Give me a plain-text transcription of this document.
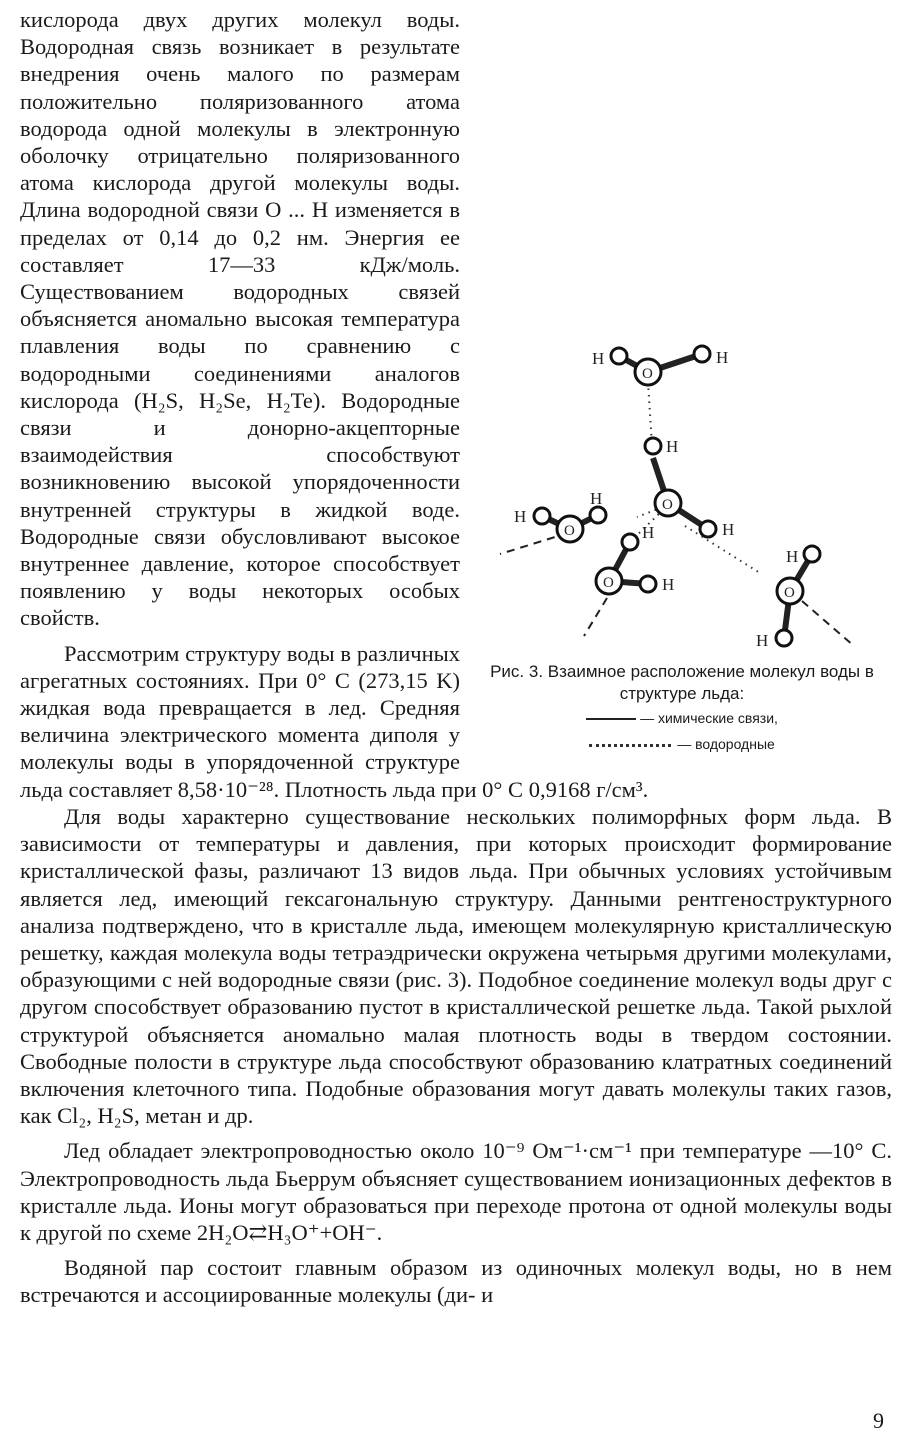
H	H
H
H
H
H
H
H
H
H
O
O
O
O
O
Рис. 3. Взаимное расположение молекул воды в структуре льда:
— химические связи,
— водородные

кислорода двух других молекул воды. Водородная связь возникает в результате внедрения очень малого по размерам положительно поляризованного атома водорода одной молекулы в электронную оболочку отрицательно поляризованного атома кислорода другой молекулы воды. Длина водородной связи O ... H изменяется в пределах от 0,14 до 0,2 нм. Энергия ее составляет 17—33 кДж/моль. Существованием водородных связей объясняется аномально высокая температура плавления воды по сравнению с водородными соединениями аналогов кислорода (H₂S, H₂Se, H₂Te). Водородные связи и донорно-акцепторные взаимодействия способствуют возникновению высокой упорядоченности внутренней структуры в жидкой воде. Водородные связи обусловливают высокое внутреннее давление, которое способствует появлению у воды некоторых особых свойств.

Рассмотрим структуру воды в различных агрегатных состояниях. При 0° C (273,15 K) жидкая вода превращается в лед. Средняя величина электрического момента диполя у молекулы воды в упорядоченной структуре льда составляет 8,58·10⁻²⁸. Плотность льда при 0° C 0,9168 г/см³.

Для воды характерно существование нескольких полиморфных форм льда. В зависимости от температуры и давления, при которых происходит формирование кристаллической фазы, различают 13 видов льда. При обычных условиях устойчивым является лед, имеющий гексагональную структуру. Данными рентгеноструктурного анализа подтверждено, что в кристалле льда, имеющем молекулярную кристаллическую решетку, каждая молекула воды тетраэдрически окружена четырьмя другими молекулами, образующими с ней водородные связи (рис. 3). Подобное соединение молекул воды друг с другом способствует образованию пустот в кристаллической решетке льда. Такой рыхлой структурой объясняется аномально малая плотность воды в твердом состоянии. Свободные полости в структуре льда способствуют образованию клатратных соединений включения клеточного типа. Подобные образования могут давать молекулы таких газов, как Cl₂, H₂S, метан и др.

Лед обладает электропроводностью около 10⁻⁹ Ом⁻¹·см⁻¹ при температуре —10° C. Электропроводность льда Бьеррум объясняет существованием ионизационных дефектов в кристалле льда. Ионы могут образоваться при переходе протона от одной молекулы воды к другой по схеме 2H₂O⇄H₃O⁺+OH⁻.

Водяной пар состоит главным образом из одиночных молекул воды, но в нем встречаются и ассоциированные молекулы (ди- и

9
